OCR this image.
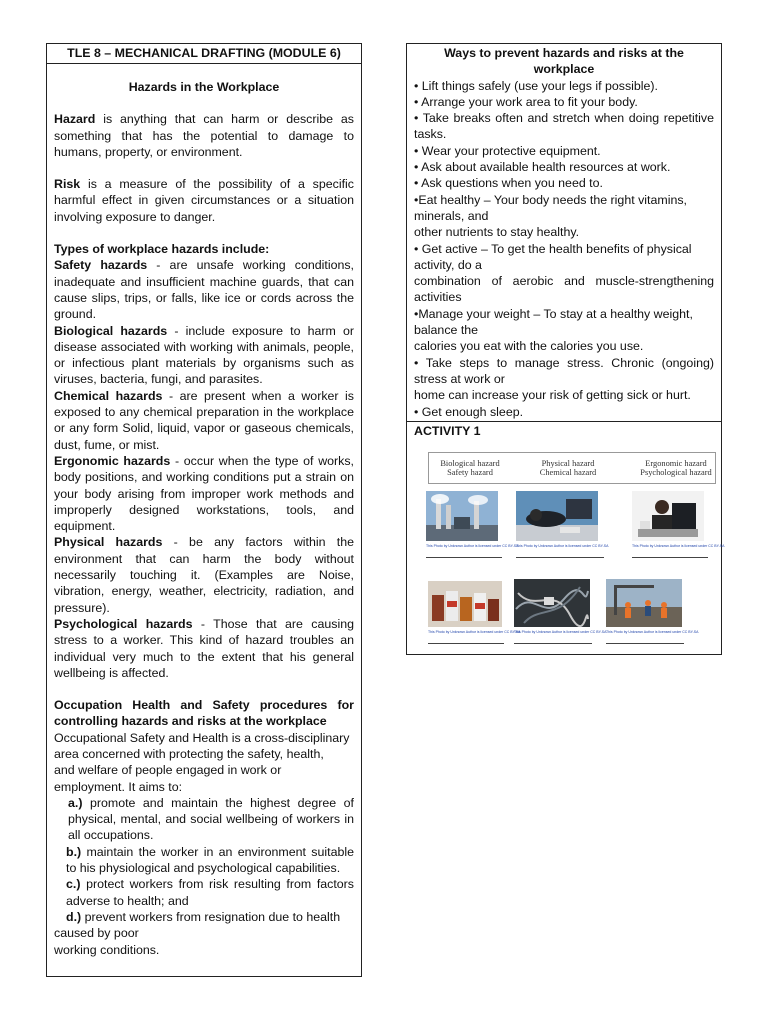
TLE 8 – MECHANICAL DRAFTING (MODULE 6)

Hazards in the Workplace

Hazard is anything that can harm or describe as something that has the potential to damage to humans, property, or environment.

Risk is a measure of the possibility of a specific harmful effect in given circumstances or a situation involving exposure to danger.

Types of workplace hazards include:

Safety hazards - are unsafe working conditions, inadequate and insufficient machine guards, that can cause slips, trips, or falls, like ice or cords across the ground.

Biological hazards - include exposure to harm or disease associated with working with animals, people, or infectious plant materials by organisms such as viruses, bacteria, fungi, and parasites.

Chemical hazards - are present when a worker is exposed to any chemical preparation in the workplace or any form Solid, liquid, vapor or gaseous chemicals, dust, fume, or mist.

Ergonomic hazards - occur when the type of works, body positions, and working conditions put a strain on your body arising from improper work methods and improperly designed workstations, tools, and equipment.

Physical hazards - be any factors within the environment that can harm the body without necessarily touching it. (Examples are Noise, vibration, energy, weather, electricity, radiation, and pressure).

Psychological hazards - Those that are causing stress to a worker. This kind of hazard troubles an individual very much to the extent that his general wellbeing is affected.

Occupation Health and Safety procedures for controlling hazards and risks at the workplace

Occupational Safety and Health is a cross-disciplinary

area concerned with protecting the safety, health,

and welfare of people engaged in work or

employment. It aims to:

a.) promote and maintain the highest degree of physical, mental, and social wellbeing of workers in all occupations.

b.) maintain the worker in an environment suitable to his physiological and psychological capabilities.

c.) protect workers from risk resulting from factors adverse to health; and

d.) prevent workers from resignation due to health

caused by poor

working conditions.

Ways to prevent hazards and risks at the workplace

• Lift things safely (use your legs if possible).

• Arrange your work area to fit your body.

• Take breaks often and stretch when doing repetitive tasks.

• Wear your protective equipment.

• Ask about available health resources at work.

• Ask questions when you need to.

•Eat healthy – Your body needs the right vitamins, minerals, and

other nutrients to stay healthy.

• Get active – To get the health benefits of physical activity, do a

combination of aerobic and muscle-strengthening activities

•Manage your weight – To stay at a healthy weight, balance the

calories you eat with the calories you use.

• Take steps to manage stress. Chronic (ongoing) stress at work or

home can increase your risk of getting sick or hurt.

• Get enough sleep.

ACTIVITY 1

Biological hazard
Safety hazard
Physical hazard
Chemical hazard
Ergonomic hazard
Psychological hazard
This Photo by Unknown Author is licensed under CC BY-SA
This Photo by Unknown Author is licensed under CC BY-SA	This Photo by Unknown Author is licensed under CC BY-SA
This Photo by Unknown Author is licensed under CC BY-SA
This Photo by Unknown Author is licensed under CC BY-SA This Photo by Unknown Author is licensed under CC BY-SA
